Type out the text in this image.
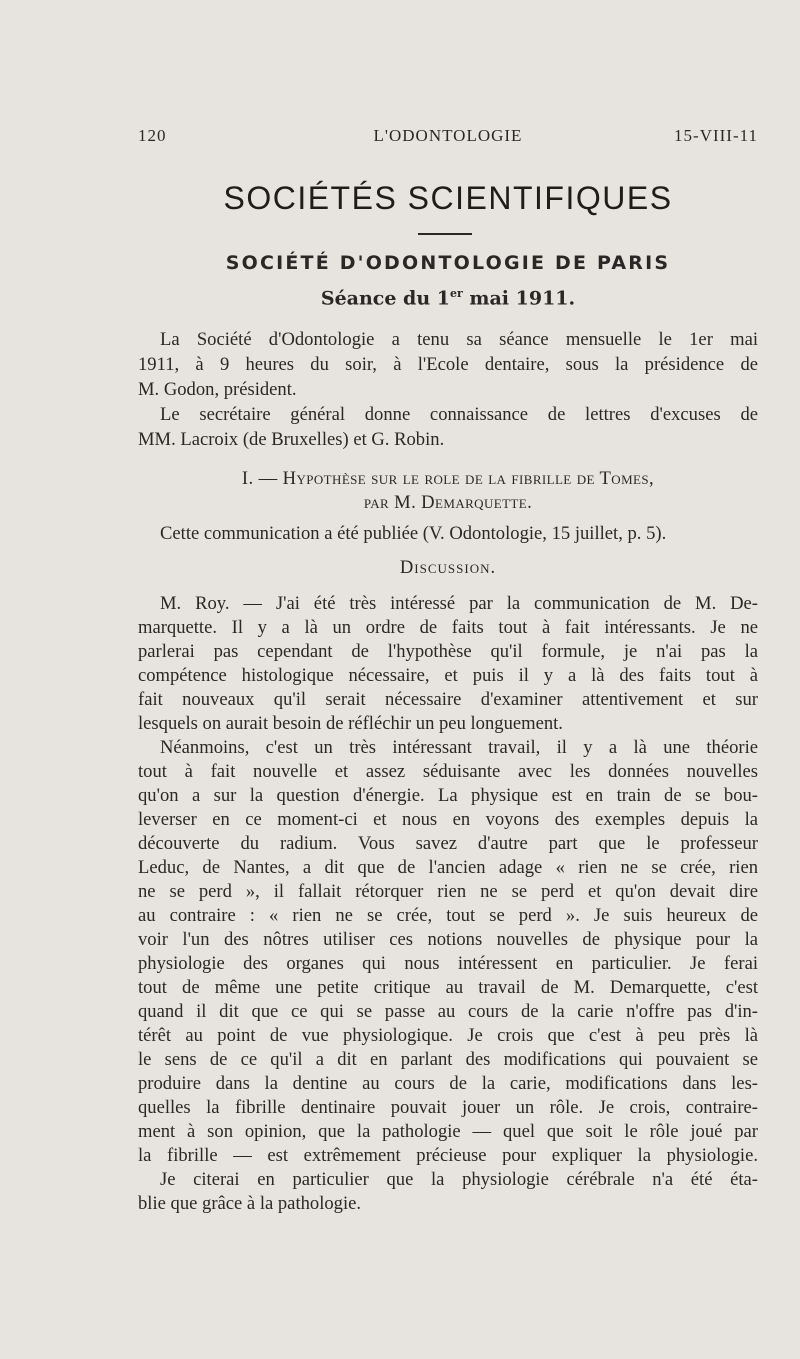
120	L'ODONTOLOGIE	15-VIII-11
SOCIÉTÉS SCIENTIFIQUES
SOCIÉTÉ D'ODONTOLOGIE DE PARIS
Séance du 1er mai 1911.
La Société d'Odontologie a tenu sa séance mensuelle le 1er mai
1911, à 9 heures du soir, à l'Ecole dentaire, sous la présidence de
M. Godon, président.
Le secrétaire général donne connaissance de lettres d'excuses de
MM. Lacroix (de Bruxelles) et G. Robin.
I. — Hypothèse sur le role de la fibrille de Tomes,
par M. Demarquette.
Cette communication a été publiée (V. Odontologie, 15 juillet, p. 5).
Discussion.
M. Roy. — J'ai été très intéressé par la communication de M. De-
marquette. Il y a là un ordre de faits tout à fait intéressants. Je ne
parlerai pas cependant de l'hypothèse qu'il formule, je n'ai pas la
compétence histologique nécessaire, et puis il y a là des faits tout à
fait nouveaux qu'il serait nécessaire d'examiner attentivement et sur
lesquels on aurait besoin de réfléchir un peu longuement.
Néanmoins, c'est un très intéressant travail, il y a là une théorie
tout à fait nouvelle et assez séduisante avec les données nouvelles
qu'on a sur la question d'énergie. La physique est en train de se bou-
leverser en ce moment-ci et nous en voyons des exemples depuis la
découverte du radium. Vous savez d'autre part que le professeur
Leduc, de Nantes, a dit que de l'ancien adage « rien ne se crée, rien
ne se perd », il fallait rétorquer rien ne se perd et qu'on devait dire
au contraire : « rien ne se crée, tout se perd ». Je suis heureux de
voir l'un des nôtres utiliser ces notions nouvelles de physique pour la
physiologie des organes qui nous intéressent en particulier. Je ferai
tout de même une petite critique au travail de M. Demarquette, c'est
quand il dit que ce qui se passe au cours de la carie n'offre pas d'in-
térêt au point de vue physiologique. Je crois que c'est à peu près là
le sens de ce qu'il a dit en parlant des modifications qui pouvaient se
produire dans la dentine au cours de la carie, modifications dans les-
quelles la fibrille dentinaire pouvait jouer un rôle. Je crois, contraire-
ment à son opinion, que la pathologie — quel que soit le rôle joué par
la fibrille — est extrêmement précieuse pour expliquer la physiologie.
Je citerai en particulier que la physiologie cérébrale n'a été éta-
blie que grâce à la pathologie.
